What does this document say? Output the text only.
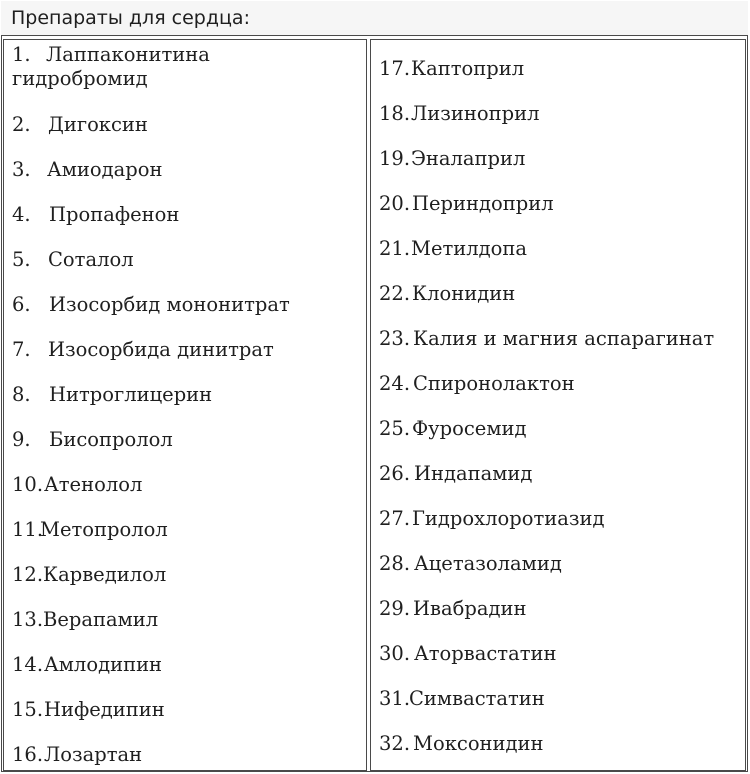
Препараты для сердца:
1. Лаппаконитина гидробромид
2. Дигоксин
3. Амиодарон
4. Пропафенон
5. Соталол
6. Изосорбид мононитрат
7. Изосорбида динитрат
8. Нитроглицерин
9. Бисопролол
10.Атенолол
11.Метопролол
12.Карведилол
13.Верапамил
14.Амлодипин
15.Нифедипин
16.Лозартан
17.Каптоприл
18.Лизиноприл
19.Эналаприл
20. Периндоприл
21.Метилдопа
22. Клонидин
23. Калия и магния аспарагинат
24. Спиронолактон
25. Фуросемид
26. Индапамид
27. Гидрохлоротиазид
28. Ацетазоламид
29. Ивабрадин
30. Аторвастатин
31.Симвастатин
32. Моксонидин
